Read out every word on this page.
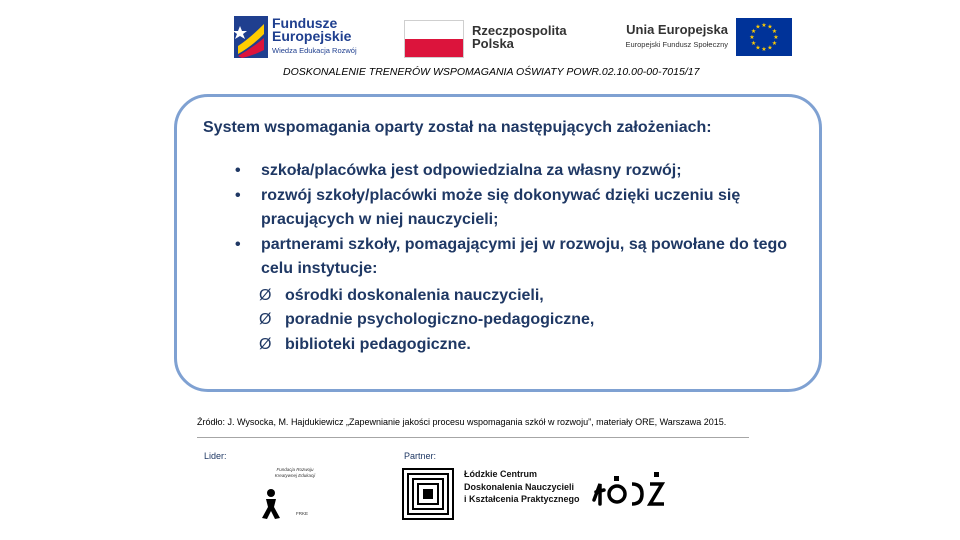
Fundusze
Europejskie
Wiedza Edukacja Rozwój
Rzeczpospolita
Polska
Unia Europejska
Europejski Fundusz Społeczny
★ ★
★
★
★
★
★
★
★
★
★
★
DOSKONALENIE TRENERÓW WSPOMAGANIA OŚWIATY POWR.02.10.00-00-7015/17
System wspomagania oparty został na następujących założeniach:
• szkoła/placówka jest odpowiedzialna za własny rozwój;
• rozwój szkoły/placówki może się dokonywać dzięki uczeniu się pracujących w niej nauczycieli;
• partnerami szkoły, pomagającymi jej w rozwoju, są powołane do tego celu instytucje:
Ø ośrodki doskonalenia nauczycieli,
Ø poradnie psychologiczno-pedagogiczne,
Ø biblioteki pedagogiczne.
Źródło: J. Wysocka, M. Hajdukiewicz „Zapewnianie jakości procesu wspomagania szkół w rozwoju”, materiały ORE, Warszawa 2015.
Lider:	Partner:
Fundacja Rozwoju Kreatywnej Edukacji
FRKE
Łódzkie Centrum
Doskonalenia Nauczycieli
i Kształcenia Praktycznego
